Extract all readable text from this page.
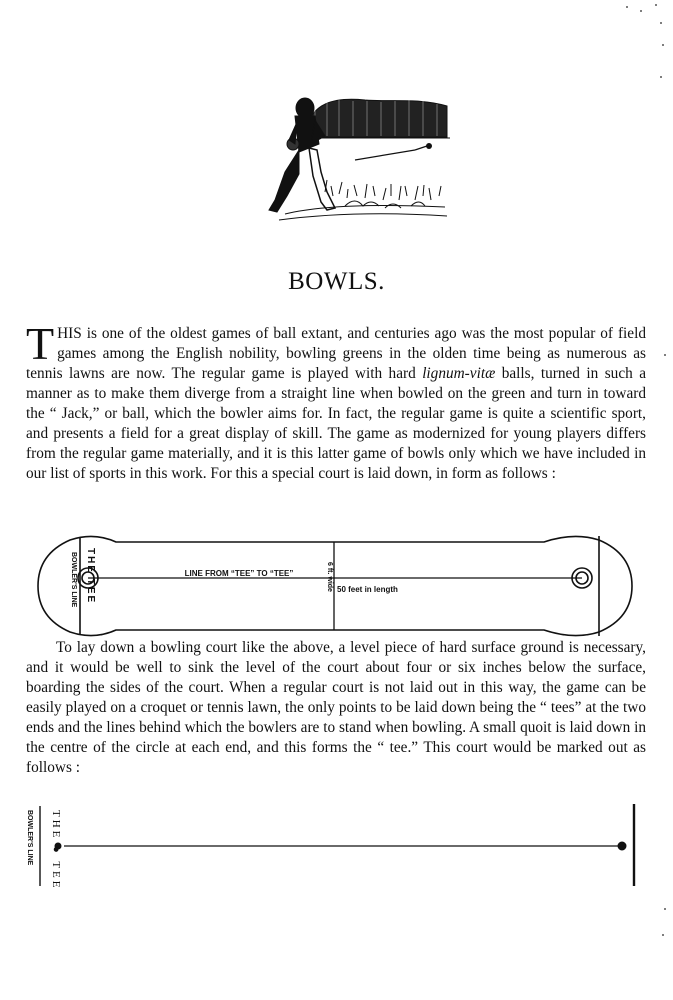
BOWLS.

THIS is one of the oldest games of ball extant, and centuries ago was the most popular of field games among the English nobility, bowling greens in the olden time being as numerous as tennis lawns are now. The regular game is played with hard lignum-vitæ balls, turned in such a manner as to make them diverge from a straight line when bowled on the green and turn in toward the “ Jack,” or ball, which the bowler aims for. In fact, the regular game is quite a scientific sport, and presents a field for a great display of skill. The game as modernized for young players differs from the regular game materially, and it is this latter game of bowls only which we have included in our list of sports in this work. For this a special court is laid down, in form as follows :

THE TEE
BOWLER'S LINE	LINE FROM “TEE” TO “TEE”	6 ft. wide 50 feet in length

To lay down a bowling court like the above, a level piece of hard surface ground is necessary, and it would be well to sink the level of the court about four or six inches below the surface, boarding the sides of the court. When a regular court is not laid out in this way, the game can be easily played on a croquet or tennis lawn, the only points to be laid down being the “ tees” at the two ends and the lines behind which the bowlers are to stand when bowling. A small quoit is laid down in the centre of the circle at each end, and this forms the “ tee.” This court would be marked out as follows :

THE ● TEE
BOWLER'S LINE
